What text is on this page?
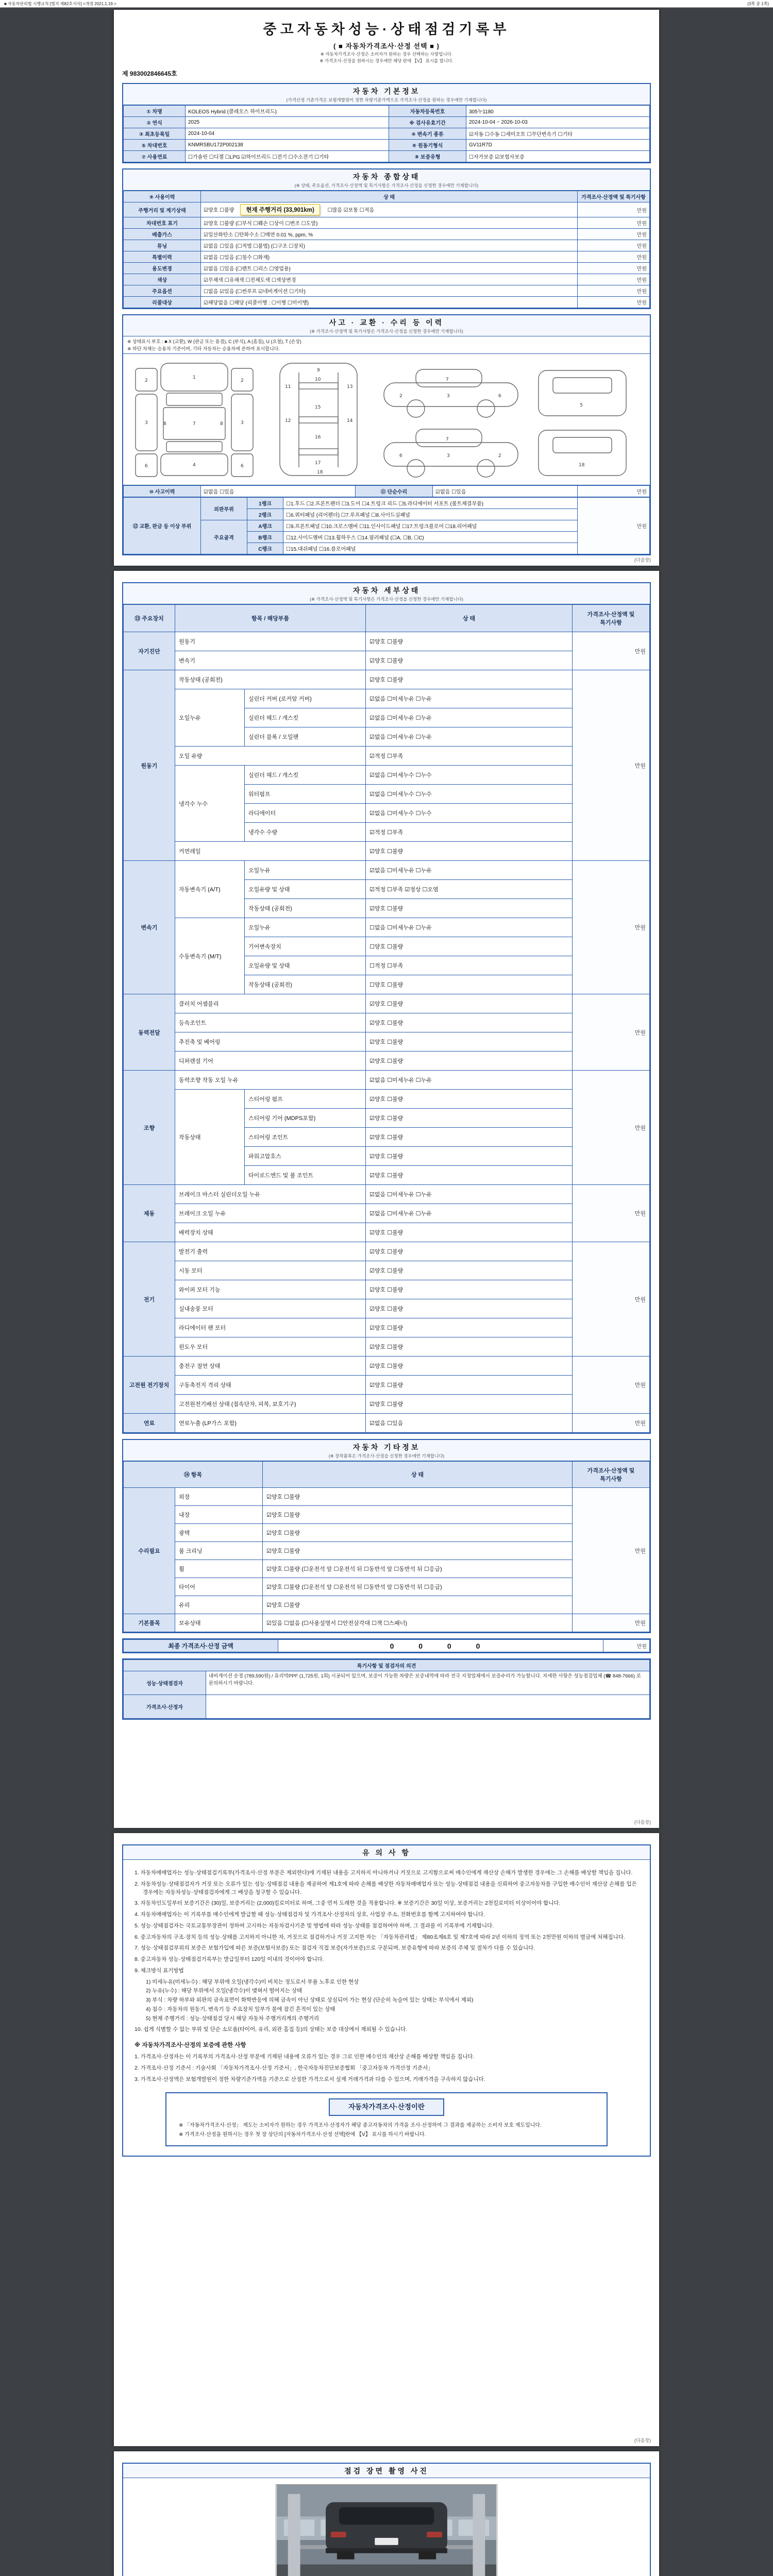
■ 자동차관리법 시행규칙 [별지 제82호서식] <개정 2021.1.19.>	(3쪽 중 1쪽)
중고자동차성능·상태점검기록부
( ■ 자동차가격조사·산정 선택 ■ )
※ 자동차가격조사·산정은 소비자가 원하는 경우 선택하는 사항입니다.
※ 가격조사·산정을 원하시는 경우에만 해당 란에 【V】 표시를 합니다.
제 983002846645호
자동차 기본정보
(가격산정 기준가격은 보험개발원이 정한 차량기준가액으로 가격조사·산정을 원하는 경우에만 기재합니다)
① 차명	KOLEOS Hybrid (콜레오스 하이브리드)	자동차등록번호	305누1180
② 연식	2025	※ 검사유효기간	2024-10-04 ~ 2026-10-03
③ 최초등록일	2024-10-04	④ 변속기 종류	☑자동 ☐수동 ☐세미오토 ☐무단변속기 ☐기타
⑤ 차대번호	KNMRSBU172P002138	⑥ 원동기형식	GV11R7D
⑦ 사용연료	☐가솔린 ☐디젤 ☐LPG ☑하이브리드 ☐전기 ☐수소전기 ☐기타	⑧ 보증유형	☐자가보증 ☑보험사보증
자동차 종합상태
(※ 상태, 주요옵션, 가격조사·산정액 및 특기사항은 가격조사·산정을 신청한 경우에만 기재합니다)
⑨ 사용이력	상 태	가격조사·산정액 및 특기사항
주행거리 및 계기상태	☑양호 ☐불량 현재 주행거리 (33,901km) ☐많음 ☑보통 ☐적음	만원
차대번호 표기	☑양호 ☐불량 (☐부식 ☐훼손 ☐상이 ☐변조 ☐도말)	만원
배출가스	☑일산화탄소 ☐탄화수소 ☐매연 0.01 %, ppm, %	만원
튜닝	☑없음 ☐있음 (☐적법 ☐불법) (☐구조 ☐장치)	만원
특별이력	☑없음 ☐있음 (☐침수 ☐화재)	만원
용도변경	☑없음 ☐있음 (☐렌트 ☐리스 ☐영업용)	만원
색상	☑무채색 ☐유채색 ☐전체도색 ☐색상변경	만원
주요옵션	☐없음 ☑있음 (☐썬루프 ☑네비게이션 ☐기타)	만원
리콜대상	☑해당없음 ☐해당 (리콜이행 : ☐이행 ☐미이행)	만원
사고 · 교환 · 수리 등 이력
(※ 가격조사·산정액 및 특기사항은 가격조사·산정을 신청한 경우에만 기재합니다)
※ 상태표시 부호 : ■ X (교환), W (판금 또는 용접), C (부식), A (흠집), U (요철), T (손상)
※ 하단 차체는 승용차 기준이며, 기타 자동차는 승용차에 준하여 표시합니다.
1
2	2
3	3
7
4
6	6
8	8
9
10
11
12
13
14
15
16
17
18
7
2	3	6
7
6	3	2
5
18
⑩ 사고이력	☑없음 ☐있음	⑪ 단순수리	☑없음 ☐있음	만원
⑫ 교환, 판금 등 이상 부위	외판부위	1랭크	☐1.후드 ☐2.프론트펜더 ☐3.도어 ☐4.트렁크 리드 ☐5.라디에이터 서포트 (볼트체결부품)	만원
		2랭크	☐6.쿼터패널 (리어펜더) ☐7.루프패널 ☐8.사이드실패널	
	주요골격	A랭크	☐9.프론트패널 ☐10.크로스멤버 ☐11.인사이드패널 ☐17.트렁크플로어 ☐18.리어패널	
		B랭크	☐12.사이드멤버 ☐13.휠하우스 ☐14.필러패널 (☐A, ☐B, ☐C)	
		C랭크	☐15.대쉬패널 ☐16.플로어패널	
(다음장)
자동차 세부상태
(※ 가격조사·산정액 및 특기사항은 가격조사·산정을 신청한 경우에만 기재합니다)
⑬ 주요장치	항목 / 해당부품		상 태	가격조사·산정액 및 특기사항
자기진단	원동기		☑양호 ☐불량	만원
	변속기		☑양호 ☐불량	
원동기	작동상태 (공회전)		☑양호 ☐불량	만원
	오일누유	실린더 커버 (로커암 커버)	☑없음 ☐미세누유 ☐누유	
		실린더 헤드 / 개스킷	☑없음 ☐미세누유 ☐누유	
		실린더 블록 / 오일팬	☑없음 ☐미세누유 ☐누유	
	오일 유량		☑적정 ☐부족	
	냉각수 누수	실린더 헤드 / 개스킷	☑없음 ☐미세누수 ☐누수	
		워터펌프	☑없음 ☐미세누수 ☐누수	
		라디에이터	☑없음 ☐미세누수 ☐누수	
		냉각수 수량	☑적정 ☐부족	
	커먼레일		☑양호 ☐불량	
변속기	자동변속기 (A/T)	오일누유	☑없음 ☐미세누유 ☐누유	만원
		오일유량 및 상태	☑적정 ☐부족 ☑정상 ☐오염	
		작동상태 (공회전)	☑양호 ☐불량	
	수동변속기 (M/T)	오일누유	☐없음 ☐미세누유 ☐누유	
		기어변속장치	☐양호 ☐불량	
		오일유량 및 상태	☐적정 ☐부족	
		작동상태 (공회전)	☐양호 ☐불량	
동력전달	클러치 어셈블리		☑양호 ☐불량	만원
	등속조인트		☑양호 ☐불량	
	추진축 및 베어링		☑양호 ☐불량	
	디퍼렌셜 기어		☑양호 ☐불량	
조향	동력조향 작동 오일 누유		☑없음 ☐미세누유 ☐누유	만원
	작동상태	스티어링 펌프	☑양호 ☐불량	
		스티어링 기어 (MDPS포함)	☑양호 ☐불량	
		스티어링 조인트	☑양호 ☐불량	
		파워고압호스	☑양호 ☐불량	
		타이로드엔드 및 볼 조인트	☑양호 ☐불량	
제동	브레이크 마스터 실린더오일 누유		☑없음 ☐미세누유 ☐누유	만원
	브레이크 오일 누유		☑없음 ☐미세누유 ☐누유	
	배력장치 상태		☑양호 ☐불량	
전기	발전기 출력		☑양호 ☐불량	만원
	시동 모터		☑양호 ☐불량	
	와이퍼 모터 기능		☑양호 ☐불량	
	실내송풍 모터		☑양호 ☐불량	
	라디에이터 팬 모터		☑양호 ☐불량	
	윈도우 모터		☑양호 ☐불량	
고전원 전기장치	충전구 절연 상태		☑양호 ☐불량	만원
	구동축전지 격리 상태		☑양호 ☐불량	
	고전원전기배선 상태 (접속단자, 피복, 보호기구)		☑양호 ☐불량	
연료	연료누출 (LP가스 포함)		☑없음 ☐있음	만원
자동차 기타정보
(※ 장착품목은 가격조사·산정을 신청한 경우에만 기재합니다)
⑭ 항목		상 태	가격조사·산정액 및 특기사항
수리필요	외장	☑양호 ☐불량	만원
	내장	☑양호 ☐불량	
	광택	☑양호 ☐불량	
	룸 크리닝	☑양호 ☐불량	
	휠	☑양호 ☐불량 (☐운전석 앞 ☐운전석 뒤 ☐동반석 앞 ☐동반석 뒤 ☐응급)	
	타이어	☑양호 ☐불량 (☐운전석 앞 ☐운전석 뒤 ☐동반석 앞 ☐동반석 뒤 ☐응급)	
	유리	☑양호 ☐불량	
기본품목	보유상태	☑있음 ☐없음 (☐사용설명서 ☐안전삼각대 ☐잭 ☐스패너)	만원
최종 가격조사·산정 금액	0 0 0 0	만원
특기사항 및 점검자의 의견	
성능·상태점검자	내비게이션 순정 (789,590원) / 유리막PPF (1,725원, 1회) 시공되어 있으며, 보증이 가능한 차량은 보증내역에 따라 전국 지정업체에서 보증수리가 가능합니다. 자세한 사항은 성능점검업체 (☎ 848-7666) 로 문의하시기 바랍니다.
가격조사·산정자	
(다음장)
유 의 사 항
1. 자동차매매업자는 성능·상태점검기록부(가격조사·산정 부분은 제외한다)에 기재된 내용을 고지하지 아니하거나 거짓으로 고지함으로써 매수인에게 재산상 손해가 발생한 경우에는 그 손해를 배상할 책임을 집니다.
2. 자동차성능·상태점검자가 거짓 또는 오류가 있는 성능·상태점검 내용을 제공하여 제1호에 따라 손해를 배상한 자동차매매업자 또는 성능·상태점검 내용을 신뢰하여 중고자동차를 구입한 매수인이 재산상 손해를 입은 경우에는 자동차성능·상태점검자에게 그 배상을 청구할 수 있습니다.
3. 자동차인도일부터 보증기간은 (30)일, 보증거리는 (2,000)킬로미터로 하며, 그중 먼저 도래한 것을 적용합니다. ※ 보증기간은 30일 이상, 보증거리는 2천킬로미터 이상이어야 합니다.
4. 자동차매매업자는 이 기록부를 매수인에게 발급할 때 성능·상태점검자 및 가격조사·산정자의 상호, 사업장 주소, 전화번호를 함께 고지하여야 합니다.
5. 성능·상태점검자는 국토교통부장관이 정하여 고시하는 자동차검사기준 및 방법에 따라 성능·상태를 점검하여야 하며, 그 결과를 이 기록부에 기재합니다.
6. 중고자동차의 구조·장치 등의 성능·상태를 고지하지 아니한 자, 거짓으로 점검하거나 거짓 고지한 자는 「자동차관리법」 제80조제6호 및 제7호에 따라 2년 이하의 징역 또는 2천만원 이하의 벌금에 처해집니다.
7. 성능·상태점검부위의 보증은 보험가입에 따른 보증(보험사보증) 또는 점검자 직접 보증(자가보증)으로 구분되며, 보증유형에 따라 보증의 주체 및 절차가 다를 수 있습니다.
8. 중고자동차 성능·상태점검기록부는 발급일부터 120일 이내의 것이어야 합니다.
9. 체크방식 표기방법
1) 미세누유(미세누수) : 해당 부위에 오일(냉각수)이 비치는 정도로서 부품 노후로 인한 현상
2) 누유(누수) : 해당 부위에서 오일(냉각수)이 맺혀서 떨어지는 상태
3) 부식 : 차량 하부와 외판의 금속표면이 화학반응에 의해 금속이 아닌 상태로 상실되어 가는 현상 (단순히 녹슬어 있는 상태는 부식에서 제외)
4) 침수 : 자동차의 원동기, 변속기 등 주요장치 일부가 물에 잠긴 흔적이 있는 상태
5) 현재 주행거리 : 성능·상태점검 당시 해당 자동차 주행거리계의 주행거리
10. 쉽게 식별할 수 없는 부위 및 단순 소모품(타이어, 유리, 외관 흠집 등)의 상태는 보증 대상에서 제외될 수 있습니다.
※ 자동차가격조사·산정의 보증에 관한 사항
1. 가격조사·산정자는 이 기록부의 가격조사·산정 부분에 기재된 내용에 오류가 있는 경우 그로 인한 매수인의 재산상 손해를 배상할 책임을 집니다.
2. 가격조사·산정 기준서 : 기술사회 「자동차가격조사·산정 기준서」, 한국자동차진단보증협회 「중고자동차 가격산정 기준서」
3. 가격조사·산정액은 보험개발원이 정한 차량기준가액을 기준으로 산정한 가격으로서 실제 거래가격과 다를 수 있으며, 거래가격을 구속하지 않습니다.
자동차가격조사·산정이란
※ 「자동차가격조사·산정」 제도는 소비자가 원하는 경우 가격조사·산정자가 해당 중고자동차의 가격을 조사·산정하여 그 결과를 제공하는 소비자 보호 제도입니다.
※ 가격조사·산정을 원하시는 경우 첫 장 상단의 [자동차가격조사·산정 선택]란에 【V】 표시를 하시기 바랍니다.
(다음장)
점검 장면 촬영 사진
